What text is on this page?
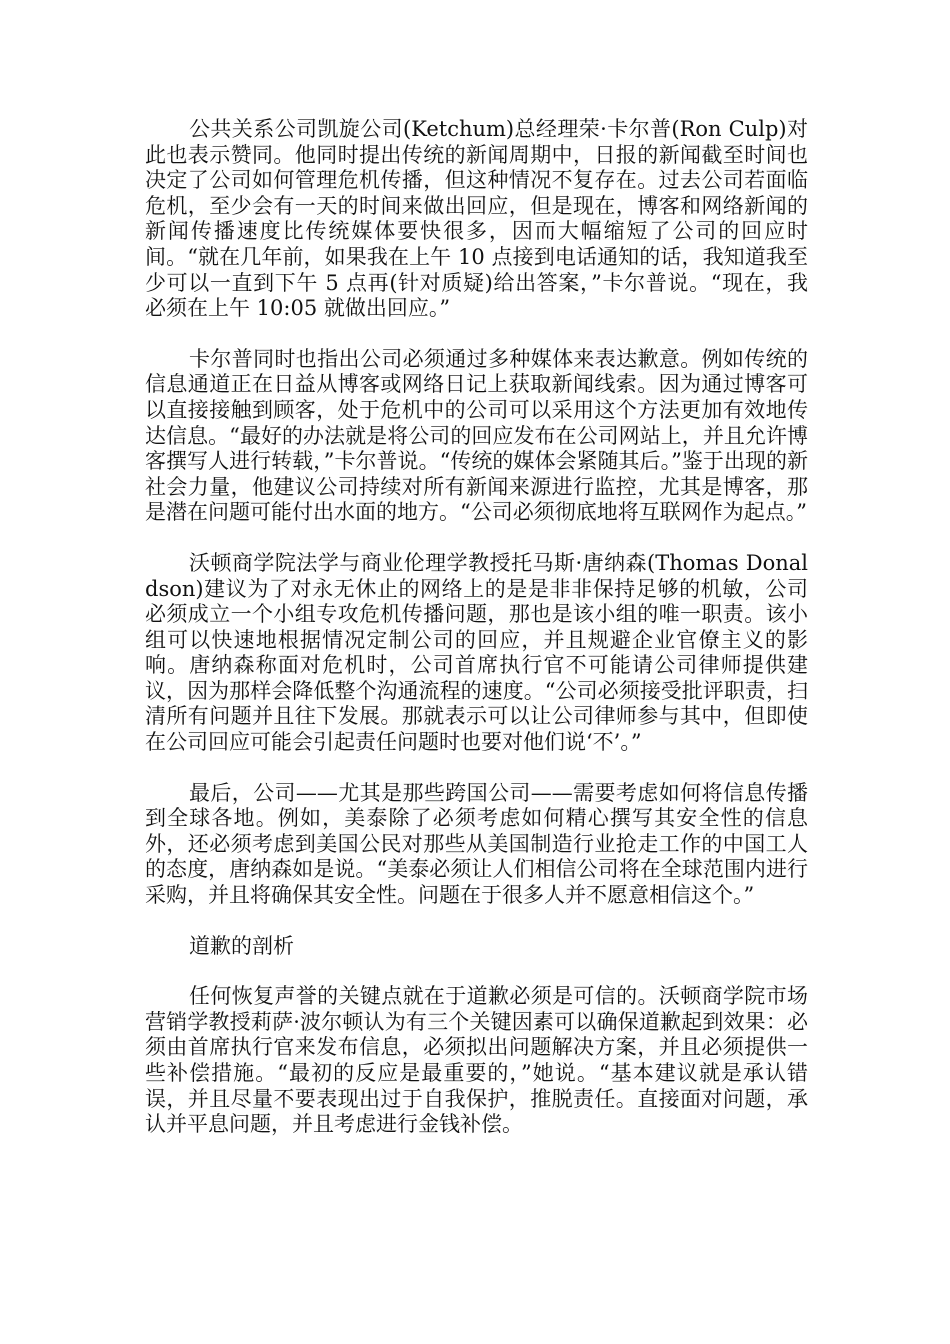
公共关系公司凯旋公司(Ketchum)总经理荣·卡尔普(Ron Culp)对此也表示赞同。他同时提出传统的新闻周期中，日报的新闻截至时间也决定了公司如何管理危机传播，但这种情况不复存在。过去公司若面临危机，至少会有一天的时间来做出回应，但是现在，博客和网络新闻的新闻传播速度比传统媒体要快很多，因而大幅缩短了公司的回应时间。“就在几年前，如果我在上午 10 点接到电话通知的话，我知道我至少可以一直到下午 5 点再(针对质疑)给出答案，”卡尔普说。“现在，我必须在上午 10:05 就做出回应。”

卡尔普同时也指出公司必须通过多种媒体来表达歉意。例如传统的信息通道正在日益从博客或网络日记上获取新闻线索。因为通过博客可以直接接触到顾客，处于危机中的公司可以采用这个方法更加有效地传达信息。“最好的办法就是将公司的回应发布在公司网站上，并且允许博客撰写人进行转载，”卡尔普说。“传统的媒体会紧随其后。”鉴于出现的新社会力量，他建议公司持续对所有新闻来源进行监控，尤其是博客，那是潜在问题可能付出水面的地方。“公司必须彻底地将互联网作为起点。”

沃顿商学院法学与商业伦理学教授托马斯·唐纳森(Thomas Donaldson)建议为了对永无休止的网络上的是是非非保持足够的机敏，公司必须成立一个小组专攻危机传播问题，那也是该小组的唯一职责。该小组可以快速地根据情况定制公司的回应，并且规避企业官僚主义的影响。唐纳森称面对危机时，公司首席执行官不可能请公司律师提供建议，因为那样会降低整个沟通流程的速度。“公司必须接受批评职责，扫清所有问题并且往下发展。那就表示可以让公司律师参与其中，但即使在公司回应可能会引起责任问题时也要对他们说‘不’。”

最后，公司——尤其是那些跨国公司——需要考虑如何将信息传播到全球各地。例如，美泰除了必须考虑如何精心撰写其安全性的信息外，还必须考虑到美国公民对那些从美国制造行业抢走工作的中国工人的态度，唐纳森如是说。“美泰必须让人们相信公司将在全球范围内进行采购，并且将确保其安全性。问题在于很多人并不愿意相信这个。”

道歉的剖析

任何恢复声誉的关键点就在于道歉必须是可信的。沃顿商学院市场营销学教授莉萨·波尔顿认为有三个关键因素可以确保道歉起到效果：必须由首席执行官来发布信息，必须拟出问题解决方案，并且必须提供一些补偿措施。“最初的反应是最重要的，”她说。“基本建议就是承认错误，并且尽量不要表现出过于自我保护，推脱责任。直接面对问题，承认并平息问题，并且考虑进行金钱补偿。
